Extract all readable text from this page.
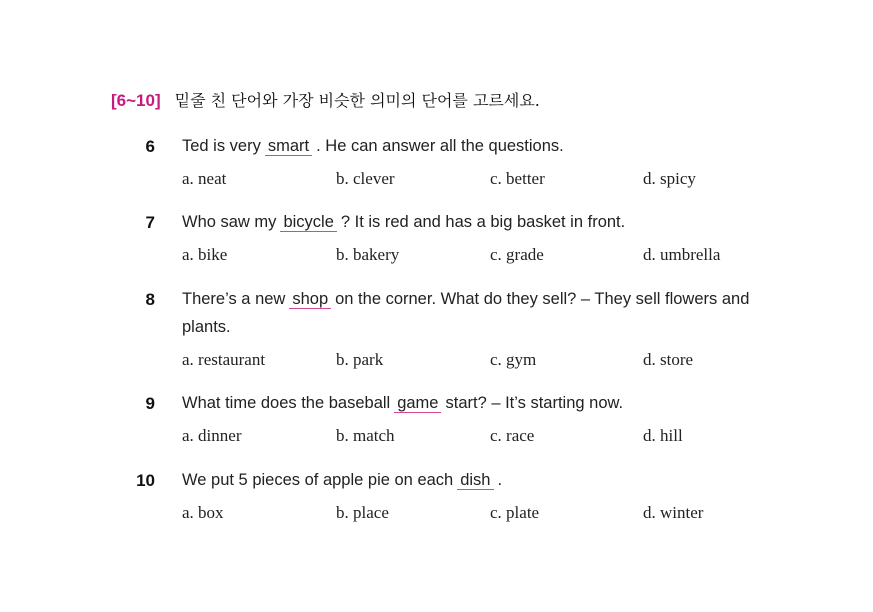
[6~10] 밑줄 친 단어와 가장 비슷한 의미의 단어를 고르세요.
6 Ted is very smart . He can answer all the questions.
a. neat	b. clever	c. better	d. spicy
7 Who saw my bicycle ? It is red and has a big basket in front.
a. bike	b. bakery	c. grade	d. umbrella
8 There’s a new shop on the corner. What do they sell? – They sell flowers and plants.
a. restaurant	b. park	c. gym	d. store
9 What time does the baseball game start? – It’s starting now.
a. dinner	b. match	c. race	d. hill
10 We put 5 pieces of apple pie on each dish .
a. box	b. place	c. plate	d. winter
